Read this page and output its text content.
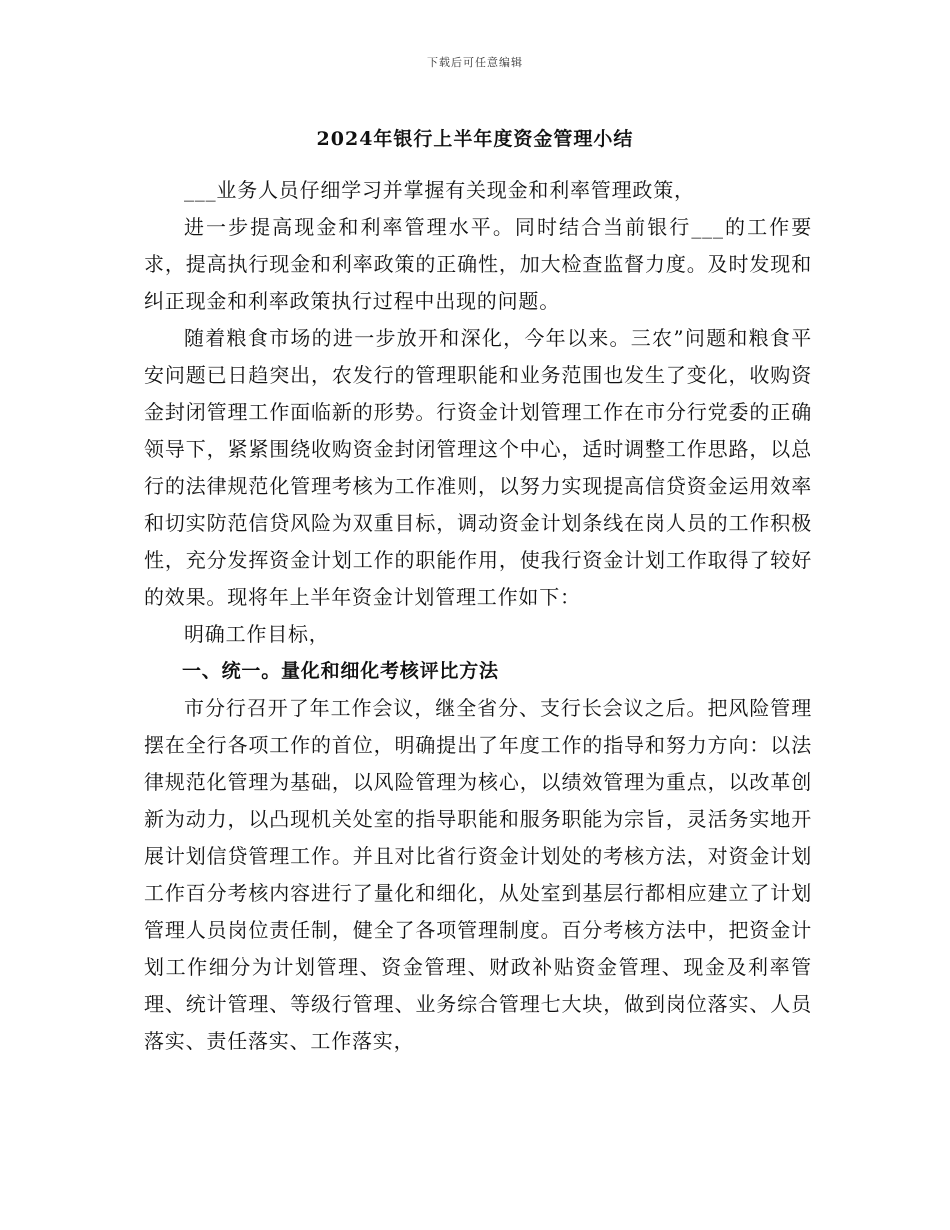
下载后可任意编辑
2024年银行上半年度资金管理小结

___业务人员仔细学习并掌握有关现金和利率管理政策，

进一步提高现金和利率管理水平。同时结合当前银行___的工作要求，提高执行现金和利率政策的正确性，加大检查监督力度。及时发现和纠正现金和利率政策执行过程中出现的问题。

随着粮食市场的进一步放开和深化，今年以来。三农”问题和粮食平安问题已日趋突出，农发行的管理职能和业务范围也发生了变化，收购资金封闭管理工作面临新的形势。行资金计划管理工作在市分行党委的正确领导下，紧紧围绕收购资金封闭管理这个中心，适时调整工作思路，以总行的法律规范化管理考核为工作准则，以努力实现提高信贷资金运用效率和切实防范信贷风险为双重目标，调动资金计划条线在岗人员的工作积极性，充分发挥资金计划工作的职能作用，使我行资金计划工作取得了较好的效果。现将年上半年资金计划管理工作如下：

明确工作目标，

一、统一。量化和细化考核评比方法

市分行召开了年工作会议，继全省分、支行长会议之后。把风险管理摆在全行各项工作的首位，明确提出了年度工作的指导和努力方向：以法律规范化管理为基础，以风险管理为核心，以绩效管理为重点，以改革创新为动力，以凸现机关处室的指导职能和服务职能为宗旨，灵活务实地开展计划信贷管理工作。并且对比省行资金计划处的考核方法，对资金计划工作百分考核内容进行了量化和细化，从处室到基层行都相应建立了计划管理人员岗位责任制，健全了各项管理制度。百分考核方法中，把资金计划工作细分为计划管理、资金管理、财政补贴资金管理、现金及利率管理、统计管理、等级行管理、业务综合管理七大块，做到岗位落实、人员落实、责任落实、工作落实，
